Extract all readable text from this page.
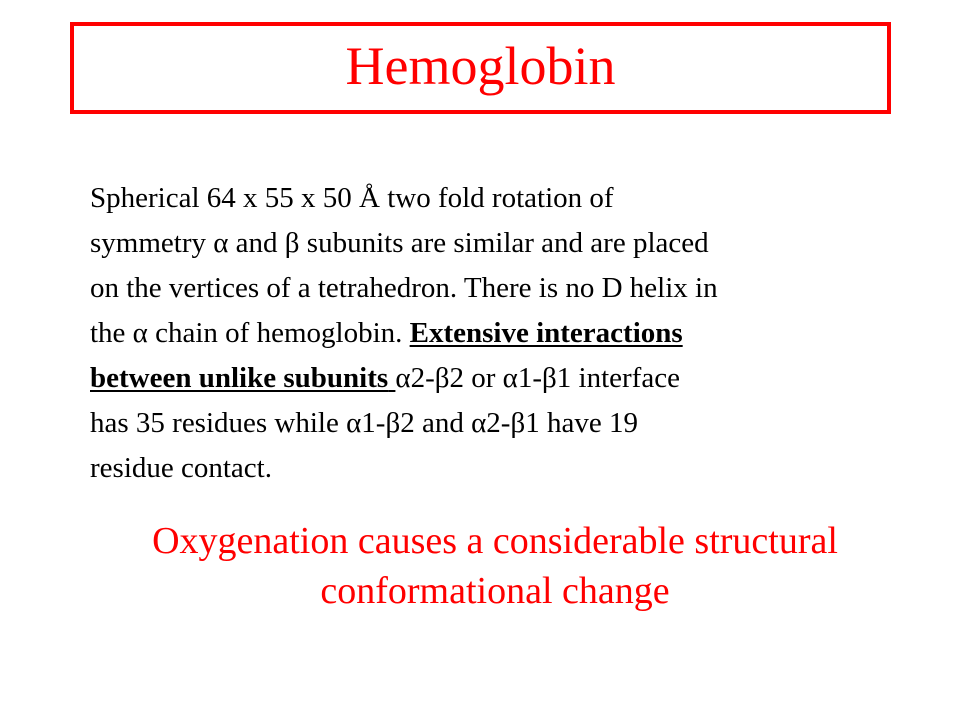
Hemoglobin
Spherical 64 x 55 x 50 Å two fold rotation of
symmetry α and β subunits are similar and are placed
on the vertices of a tetrahedron. There is no D helix in
the α chain of hemoglobin. Extensive interactions
between unlike subunits α2-β2 or α1-β1 interface
has 35 residues while α1-β2 and α2-β1 have 19
residue contact.
Oxygenation causes a considerable structural
conformational change
